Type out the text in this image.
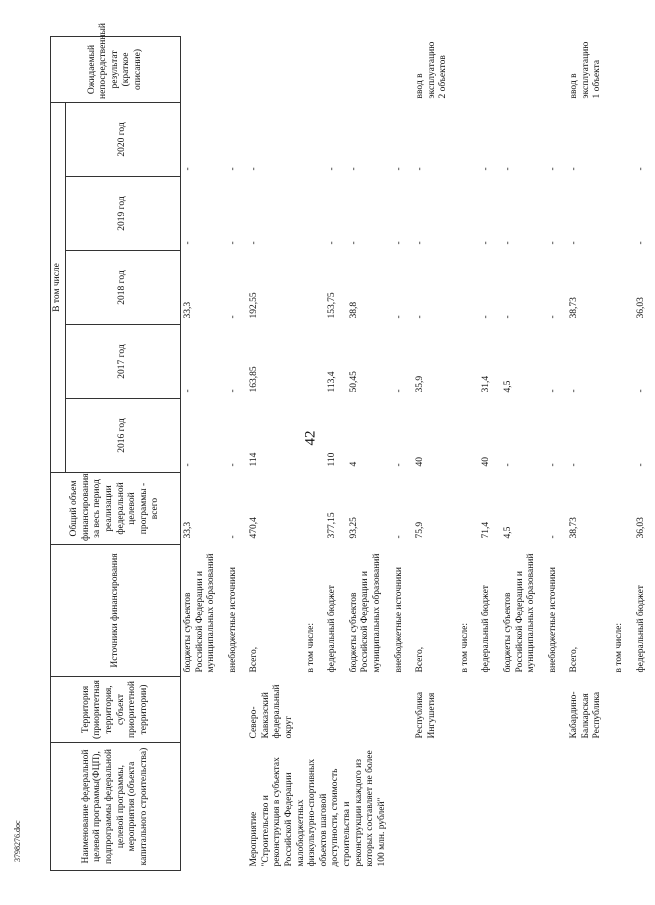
42
3798276.doc	Наименование федеральной целевой программы(ФЦП), подпрограммы федеральной целевой программы, мероприятия (объекта капитального строительства)	Территория (приоритетная территория, субъект приоритетной территории)	Источники финансирования	Общий объем финансирования за весь период реализации федеральной целевой программы - всего	В том числе					Ожидаемый непосредственный результат (краткое описание)
				2016 год	2017 год	2018 год	2019 год	2020 год	
		бюджеты субъектов Российской Федерации и муниципальных образований	33,3	-	-	33,3	-	-	
		внебюджетные источники	-	-	-	-	-	-	
Мероприятие "Строительство и реконструкция в субъектах Российской Федерации малобюджетных физкультурно-спортивных объектов шаговой доступности, стоимость строительства и реконструкции каждого из которых составляет не более 100 млн. рублей"	Северо-Кавказский федеральный округ	Всего,	470,4	114	163,85	192,55	-	-	
		в том числе:							
		федеральный бюджет	377,15	110	113,4	153,75	-	-	
		бюджеты субъектов Российской Федерации и муниципальных образований	93,25	4	50,45	38,8	-	-	
		внебюджетные источники	-	-	-	-	-	-	
	Республика Ингушетия	Всего,	75,9	40	35,9	-	-	-	ввод в эксплуатацию 2 объектов
		в том числе:							
		федеральный бюджет	71,4	40	31,4	-	-	-	
		бюджеты субъектов Российской Федерации и муниципальных образований	4,5	-	4,5	-	-	-	
		внебюджетные источники	-	-	-	-	-	-	
	Кабардино-Балкарская Республика	Всего,	38,73	-	-	38,73	-	-	ввод в эксплуатацию 1 объекта
		в том числе:							
		федеральный бюджет	36,03	-	-	36,03	-	-	
